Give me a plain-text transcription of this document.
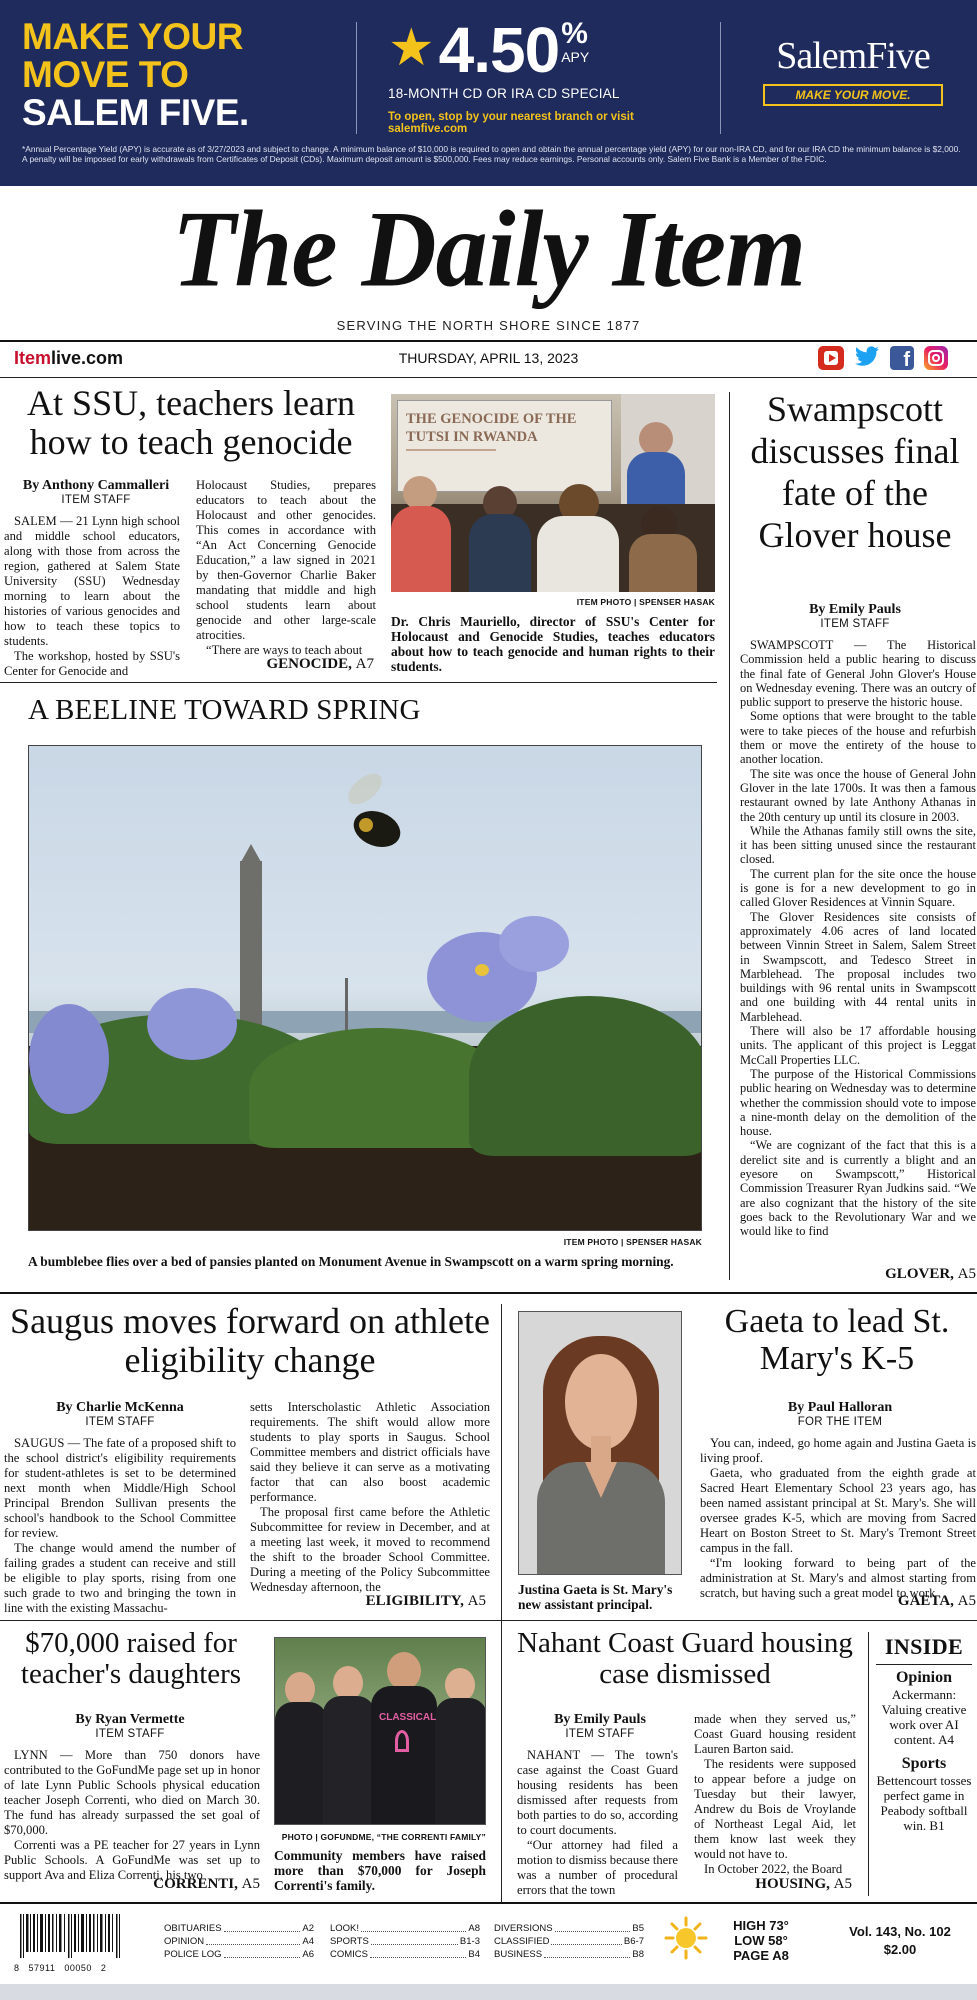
MAKE YOUR
MOVE TO
SALEM FIVE.
★ 4.50 %
APY
18-MONTH CD OR IRA CD SPECIAL
To open, stop by your nearest branch or visit
salemfive.com
SalemFive
MAKE YOUR MOVE.
*Annual Percentage Yield (APY) is accurate as of 3/27/2023 and subject to change. A minimum balance of $10,000 is required to open and obtain the annual percentage yield (APY) for our non-IRA CD, and for our IRA CD the minimum balance is $2,000. A penalty will be imposed for early withdrawals from Certificates of Deposit (CDs). Maximum deposit amount is $500,000. Fees may reduce earnings. Personal accounts only. Salem Five Bank is a Member of the FDIC.
The Daily Item
SERVING THE NORTH SHORE SINCE 1877
Itemlive.com	THURSDAY, APRIL 13, 2023	f
At SSU, teachers learn how to teach genocide
By Anthony Cammalleri
ITEM STAFF

SALEM — 21 Lynn high school and middle school educators, along with those from across the region, gathered at Salem State University (SSU) Wednesday morning to learn about the histories of various genocides and how to teach these topics to students.

The workshop, hosted by SSU's Center for Genocide and

Holocaust Studies, prepares educators to teach about the Holocaust and other genocides. This comes in accordance with “An Act Concerning Genocide Education,” a law signed in 2021 by then-Governor Charlie Baker mandating that middle and high school students learn about genocide and other large-scale atrocities.

“There are ways to teach about

GENOCIDE, A7
THE GENOCIDE OF THE
TUTSI IN RWANDA
ITEM PHOTO | SPENSER HASAK
Dr. Chris Mauriello, director of SSU's Center for Holocaust and Genocide Studies, teaches educators about how to teach genocide and human rights to their students.
A BEELINE TOWARD SPRING
ITEM PHOTO | SPENSER HASAK
A bumblebee flies over a bed of pansies planted on Monument Avenue in Swampscott on a warm spring morning.
Swampscott discusses final fate of the Glover house
By Emily Pauls
ITEM STAFF

SWAMPSCOTT — The Historical Commission held a public hearing to discuss the final fate of General John Glover's House on Wednesday evening. There was an outcry of public support to preserve the historic house.

Some options that were brought to the table were to take pieces of the house and refurbish them or move the entirety of the house to another location.

The site was once the house of General John Glover in the late 1700s. It was then a famous restaurant owned by late Anthony Athanas in the 20th century up until its closure in 2003.

While the Athanas family still owns the site, it has been sitting unused since the restaurant closed.

The current plan for the site once the house is gone is for a new development to go in called Glover Residences at Vinnin Square.

The Glover Residences site consists of approximately 4.06 acres of land located between Vinnin Street in Salem, Salem Street in Swampscott, and Tedesco Street in Marblehead. The proposal includes two buildings with 96 rental units in Swampscott and one building with 44 rental units in Marblehead.

There will also be 17 affordable housing units. The applicant of this project is Leggat McCall Properties LLC.

The purpose of the Historical Commissions public hearing on Wednesday was to determine whether the commission should vote to impose a nine-month delay on the demolition of the house.

“We are cognizant of the fact that this is a derelict site and is currently a blight and an eyesore on Swampscott,” Historical Commission Treasurer Ryan Judkins said. “We are also cognizant that the history of the site goes back to the Revolutionary War and we would like to find

GLOVER, A5
Saugus moves forward on athlete eligibility change
By Charlie McKenna
ITEM STAFF

SAUGUS — The fate of a proposed shift to the school district's eligibility requirements for student-athletes is set to be determined next month when Middle/High School Principal Brendon Sullivan presents the school's handbook to the School Committee for review.

The change would amend the number of failing grades a student can receive and still be eligible to play sports, rising from one such grade to two and bringing the town in line with the existing Massachu-

setts Interscholastic Athletic Association requirements. The shift would allow more students to play sports in Saugus. School Committee members and district officials have said they believe it can serve as a motivating factor that can also boost academic performance.

The proposal first came before the Athletic Subcommittee for review in December, and at a meeting last week, it moved to recommend the shift to the broader School Committee. During a meeting of the Policy Subcommittee Wednesday afternoon, the

ELIGIBILITY, A5
Justina Gaeta is St. Mary's new assistant principal.
Gaeta to lead St. Mary's K-5
By Paul Halloran
FOR THE ITEM

You can, indeed, go home again and Justina Gaeta is living proof.

Gaeta, who graduated from the eighth grade at Sacred Heart Elementary School 23 years ago, has been named assistant principal at St. Mary's. She will oversee grades K-5, which are moving from Sacred Heart on Boston Street to St. Mary's Tremont Street campus in the fall.

“I'm looking forward to being part of the administration at St. Mary's and almost starting from scratch, but having such a great model to work

GAETA, A5
$70,000 raised for teacher's daughters
By Ryan Vermette
ITEM STAFF

LYNN — More than 750 donors have contributed to the GoFundMe page set up in honor of late Lynn Public Schools physical education teacher Joseph Correnti, who died on March 30. The fund has already surpassed the set goal of $70,000.

Correnti was a PE teacher for 27 years in Lynn Public Schools. A GoFundMe was set up to support Ava and Eliza Correnti, his two

CORRENTI, A5
CLASSICAL
PHOTO | GOFUNDME, “THE CORRENTI FAMILY”
Community members have raised more than $70,000 for Joseph Correnti's family.
Nahant Coast Guard housing case dismissed
By Emily Pauls
ITEM STAFF

NAHANT — The town's case against the Coast Guard housing residents has been dismissed after requests from both parties to do so, according to court documents.

“Our attorney had filed a motion to dismiss because there was a number of procedural errors that the town

made when they served us,” Coast Guard housing resident Lauren Barton said.

The residents were supposed to appear before a judge on Tuesday but their lawyer, Andrew du Bois de Vroylande of Northeast Legal Aid, let them know last week they would not have to.

In October 2022, the Board

HOUSING, A5
INSIDE
Opinion
Ackermann: Valuing creative work over AI content. A4
Sports
Bettencourt tosses perfect game in Peabody softball win. B1
8   57911   00050   2
OBITUARIES	A2
OPINION	A4
POLICE LOG	A6
LOOK!	A8
SPORTS	B1-3
COMICS	B4
DIVERSIONS	B5
CLASSIFIED	B6-7
BUSINESS	B8
HIGH 73°
LOW 58°
PAGE A8
Vol. 143, No. 102
$2.00
